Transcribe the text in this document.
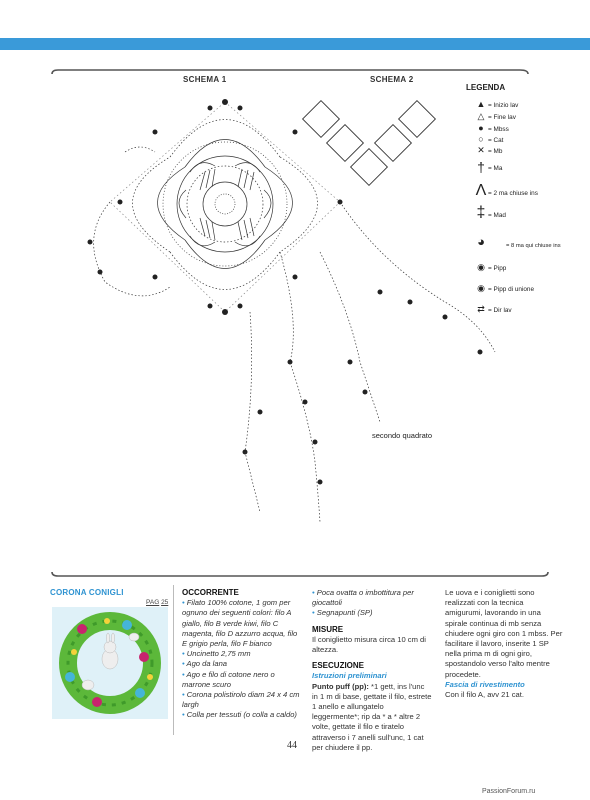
SCHEMA 1	SCHEMA 2
secondo quadrato
LEGENDA
▲ = Inizio lav
△ = Fine lav
● = Mbss
○ = Cat
✕ = Mb
† = Ma
Λ = 2 ma chiuse ins
‡ = Mad
◕	= 8 ma qui chiuse ins
◉ = Pipp
◉ = Pipp di unione
⇄ = Dir lav
CORONA CONIGLI
PAG 25
OCCORRENTE
• Filato 100% cotone, 1 gom per ognuno dei seguenti colori: filo A giallo, filo B verde kiwi, filo C magenta, filo D azzurro acqua, filo E grigio perla, filo F bianco
• Uncinetto 2,75 mm
• Ago da lana
• Ago e filo di cotone nero o marrone scuro
• Corona polistirolo diam 24 x 4 cm largh
• Colla per tessuti (o colla a caldo)
• Poca ovatta o imbottitura per giocattoli
• Segnapunti (SP)
MISURE
Il coniglietto misura circa 10 cm di altezza.
ESECUZIONE
Istruzioni preliminari
Punto puff (pp): *1 gett, ins l'unc in 1 m di base, gettate il filo, estrete 1 anello e allungatelo leggermente*; rip da * a * altre 2 volte, gettate il filo e tiratelo attraverso i 7 anelli sull'unc, 1 cat per chiudere il pp.
Le uova e i coniglietti sono realizzati con la tecnica amigurumi, lavorando in una spirale continua di mb senza chiudere ogni giro con 1 mbss. Per facilitare il lavoro, inserite 1 SP nella prima m di ogni giro, spostandolo verso l'alto mentre procedete.
Fascia di rivestimento
Con il filo A, avv 21 cat.
44
PassionForum.ru
